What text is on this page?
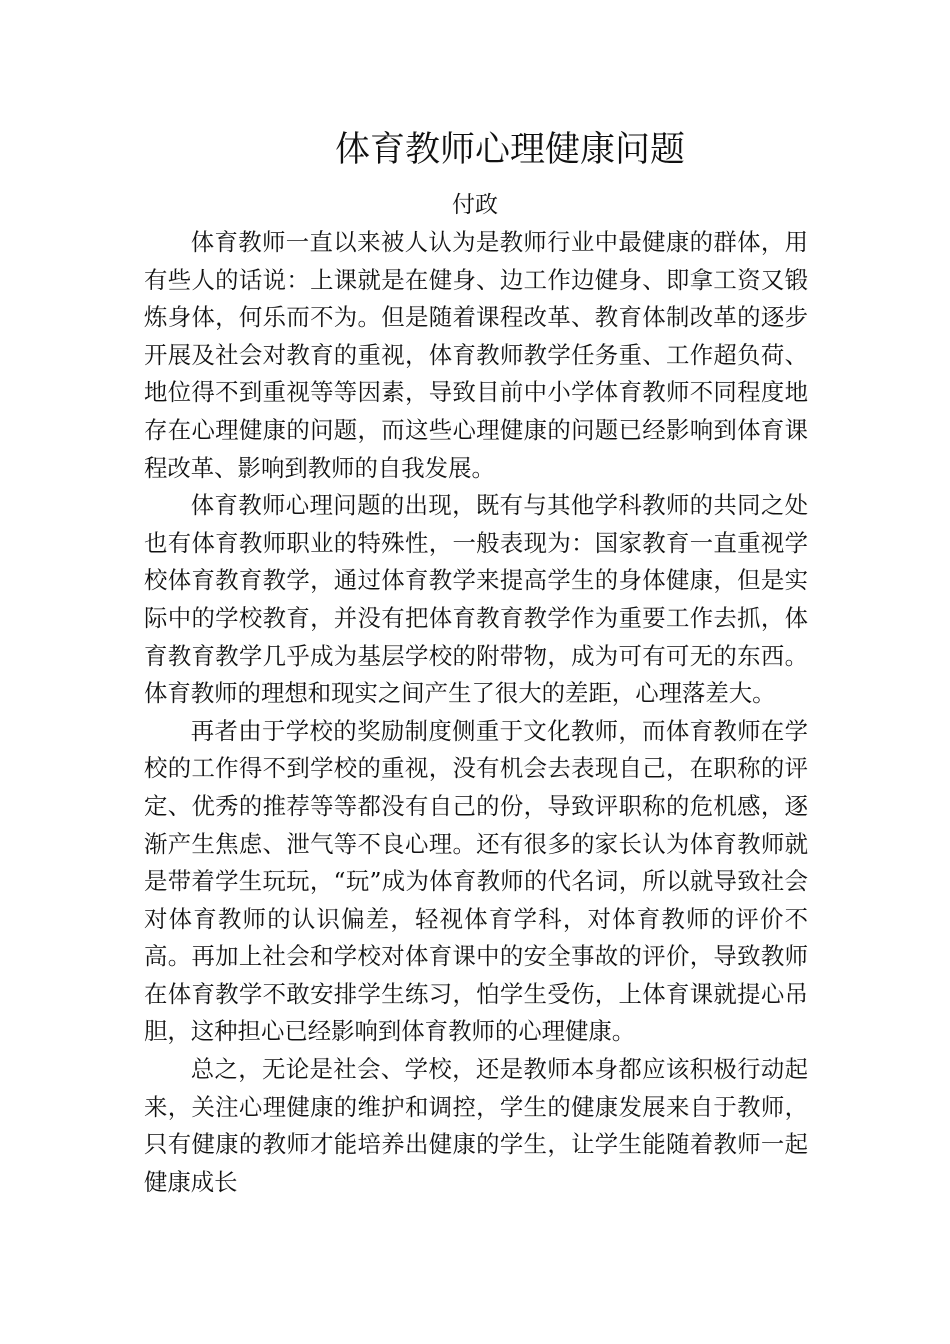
体育教师心理健康问题
付政

体育教师一直以来被人认为是教师行业中最健康的群体，用有些人的话说：上课就是在健身、边工作边健身、即拿工资又锻炼身体，何乐而不为。但是随着课程改革、教育体制改革的逐步开展及社会对教育的重视，体育教师教学任务重、工作超负荷、地位得不到重视等等因素，导致目前中小学体育教师不同程度地存在心理健康的问题，而这些心理健康的问题已经影响到体育课程改革、影响到教师的自我发展。

体育教师心理问题的出现，既有与其他学科教师的共同之处也有体育教师职业的特殊性，一般表现为：国家教育一直重视学校体育教育教学，通过体育教学来提高学生的身体健康，但是实际中的学校教育，并没有把体育教育教学作为重要工作去抓，体育教育教学几乎成为基层学校的附带物，成为可有可无的东西。体育教师的理想和现实之间产生了很大的差距，心理落差大。

再者由于学校的奖励制度侧重于文化教师，而体育教师在学校的工作得不到学校的重视，没有机会去表现自己，在职称的评定、优秀的推荐等等都没有自己的份，导致评职称的危机感，逐渐产生焦虑、泄气等不良心理。还有很多的家长认为体育教师就是带着学生玩玩，“玩”成为体育教师的代名词，所以就导致社会对体育教师的认识偏差，轻视体育学科，对体育教师的评价不高。再加上社会和学校对体育课中的安全事故的评价，导致教师在体育教学不敢安排学生练习，怕学生受伤，上体育课就提心吊胆，这种担心已经影响到体育教师的心理健康。

总之，无论是社会、学校，还是教师本身都应该积极行动起来，关注心理健康的维护和调控，学生的健康发展来自于教师，只有健康的教师才能培养出健康的学生，让学生能随着教师一起健康成长
